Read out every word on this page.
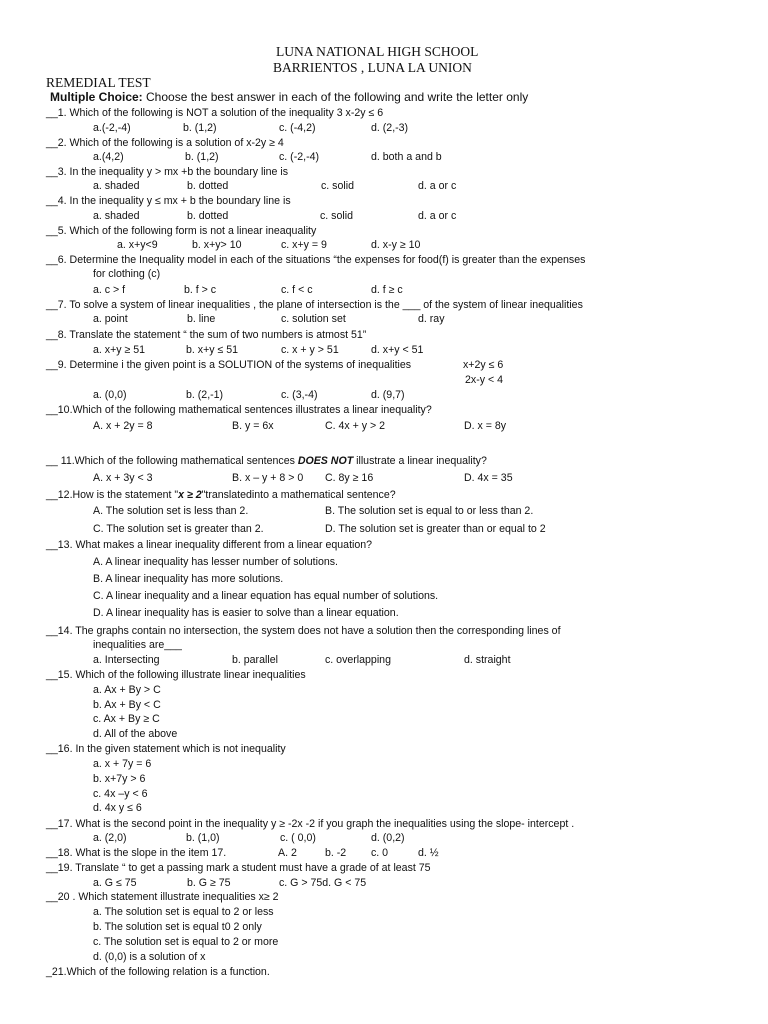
LUNA NATIONAL HIGH SCHOOL
BARRIENTOS , LUNA LA UNION
REMEDIAL TEST
Multiple Choice: Choose the best answer in each of the following and write the letter only
__1. Which of the following is NOT a solution of the inequality 3 x-2y ≤ 6
a.(-2,-4)	b. (1,2)	c. (-4,2)	d. (2,-3)
__2. Which of the following is a solution of x-2y ≥ 4
a.(4,2)	b. (1,2)	c. (-2,-4)	d. both a and b
__3. In the inequality y > mx +b the boundary line is
a. shaded	b. dotted	c. solid	d. a or c
__4. In the inequality y ≤ mx + b the boundary line is
a. shaded	b. dotted	c. solid	d. a or c
__5. Which of the following form is not a linear ineaquality
a. x+y<9	b. x+y> 10	c. x+y = 9	d. x-y ≥ 10
__6. Determine the Inequality model in each of the situations “the expenses for food(f) is greater than the expenses
for clothing (c)
a. c > f	b. f > c	c. f < c	d. f ≥ c
__7. To solve a system of linear inequalities , the plane of intersection is the ___ of the system of linear inequalities
a. point	b. line	c. solution set	d. ray
__8. Translate the statement “ the sum of two numbers is atmost 51”
a. x+y ≥ 51	b. x+y ≤ 51	c. x + y > 51	d. x+y < 51
__9. Determine i the given point is a SOLUTION of the systems of inequalities	x+2y ≤ 6
2x-y < 4
a. (0,0)	b. (2,-1)	c. (3,-4)	d. (9,7)
__10.Which of the following mathematical sentences illustrates a linear inequality?
A. x + 2y = 8	B. y = 6x	C. 4x + y > 2	D. x = 8y
__ 11.Which of the following mathematical sentences DOES NOT illustrate a linear inequality?
A. x + 3y < 3	B. x – y + 8 > 0 C. 8y ≥ 16	D. 4x = 35
__12.How is the statement "x ≥ 2"translatedinto a mathematical sentence?
A. The solution set is less than 2.	B. The solution set is equal to or less than 2.
C. The solution set is greater than 2.	D. The solution set is greater than or equal to 2
__13. What makes a linear inequality different from a linear equation?
A. A linear inequality has lesser number of solutions.
B. A linear inequality has more solutions.
C. A linear inequality and a linear equation has equal number of solutions.
D. A linear inequality has is easier to solve than a linear equation.
__14. The graphs contain no intersection, the system does not have a solution then the corresponding lines of
inequalities are___
a. Intersecting	b. parallel	c. overlapping	d. straight
__15. Which of the following illustrate linear inequalities
a. Ax + By > C
b. Ax + By < C
c. Ax + By ≥ C
d. All of the above
__16. In the given statement which is not inequality
a. x + 7y = 6
b. x+7y > 6
c. 4x –y < 6
d. 4x y ≤ 6
__17. What is the second point in the inequality y ≥ -2x -2 if you graph the inequalities using the slope- intercept .
a. (2,0)	b. (1,0)	c. ( 0,0)	d. (0,2)
__18. What is the slope in the item 17.	A. 2	b. -2 c. 0	d. ½
__19. Translate “ to get a passing mark a student must have a grade of at least 75
a. G ≤ 75	b. G ≥ 75	c. G > 75d. G < 75
__20 . Which statement illustrate inequalities x≥ 2
a. The solution set is equal to 2 or less
b. The solution set is equal t0 2 only
c. The solution set is equal to 2 or more
d. (0,0) is a solution of x
_21.Which of the following relation is a function.
